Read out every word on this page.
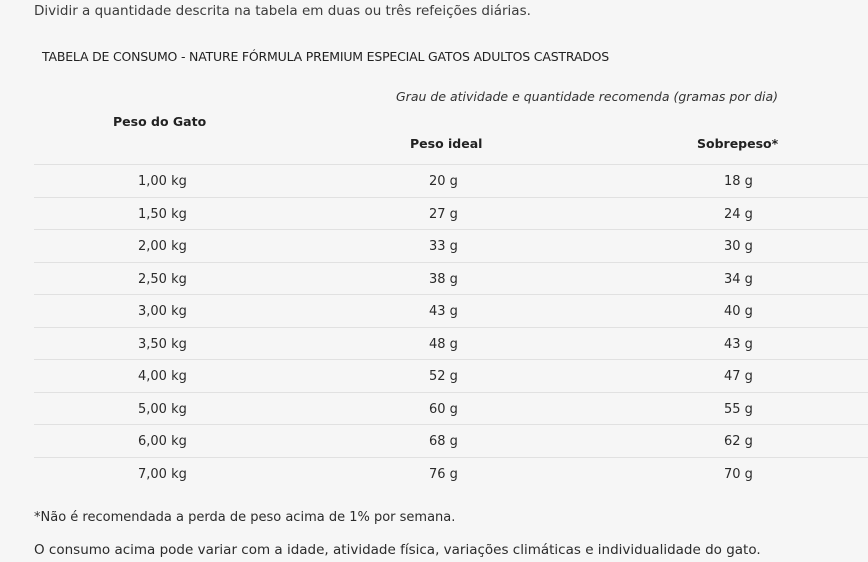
Dividir a quantidade descrita na tabela em duas ou três refeições diárias.
TABELA DE CONSUMO - NATURE FÓRMULA PREMIUM ESPECIAL GATOS ADULTOS CASTRADOS
Grau de atividade e quantidade recomenda (gramas por dia)
Peso do Gato
Peso ideal	Sobrepeso*
1,00 kg	20 g	18 g
1,50 kg	27 g	24 g
2,00 kg	33 g	30 g
2,50 kg	38 g	34 g
3,00 kg	43 g	40 g
3,50 kg	48 g	43 g
4,00 kg	52 g	47 g
5,00 kg	60 g	55 g
6,00 kg	68 g	62 g
7,00 kg	76 g	70 g
*Não é recomendada a perda de peso acima de 1% por semana.
O consumo acima pode variar com a idade, atividade física, variações climáticas e individualidade do gato.
